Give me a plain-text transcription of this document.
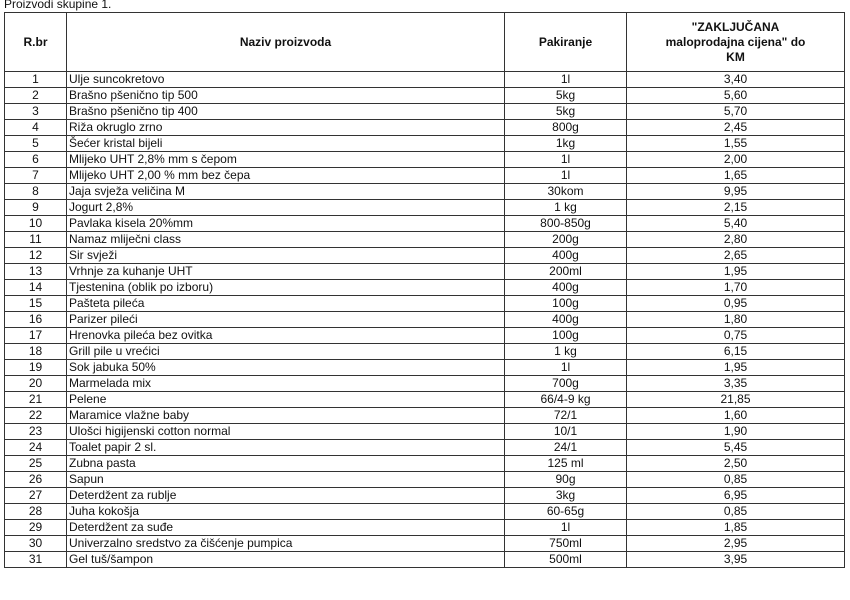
Proizvodi skupine 1.
R.br	Naziv proizvoda	Pakiranje	"ZAKLJUČANA maloprodajna cijena" do KM
1	Ulje suncokretovo	1l	3,40
2	Brašno pšenično tip 500	5kg	5,60
3	Brašno pšenično tip 400	5kg	5,70
4	Riža okruglo zrno	800g	2,45
5	Šećer kristal bijeli	1kg	1,55
6	Mlijeko UHT 2,8% mm s čepom	1l	2,00
7	Mlijeko UHT 2,00 % mm bez čepa	1l	1,65
8	Jaja svježa veličina M	30kom	9,95
9	Jogurt 2,8%	1 kg	2,15
10	Pavlaka kisela 20%mm	800-850g	5,40
11	Namaz mliječni class	200g	2,80
12	Sir svježi	400g	2,65
13	Vrhnje za kuhanje UHT	200ml	1,95
14	Tjestenina (oblik po izboru)	400g	1,70
15	Pašteta pileća	100g	0,95
16	Parizer pileći	400g	1,80
17	Hrenovka pileća bez ovitka	100g	0,75
18	Grill pile u vrećici	1 kg	6,15
19	Sok jabuka 50%	1l	1,95
20	Marmelada mix	700g	3,35
21	Pelene	66/4-9 kg	21,85
22	Maramice vlažne baby	72/1	1,60
23	Ulošci higijenski cotton normal	10/1	1,90
24	Toalet papir 2 sl.	24/1	5,45
25	Zubna pasta	125 ml	2,50
26	Sapun	90g	0,85
27	Deterdžent za rublje	3kg	6,95
28	Juha kokošja	60-65g	0,85
29	Deterdžent za suđe	1l	1,85
30	Univerzalno sredstvo za čišćenje pumpica	750ml	2,95
31	Gel tuš/šampon	500ml	3,95
